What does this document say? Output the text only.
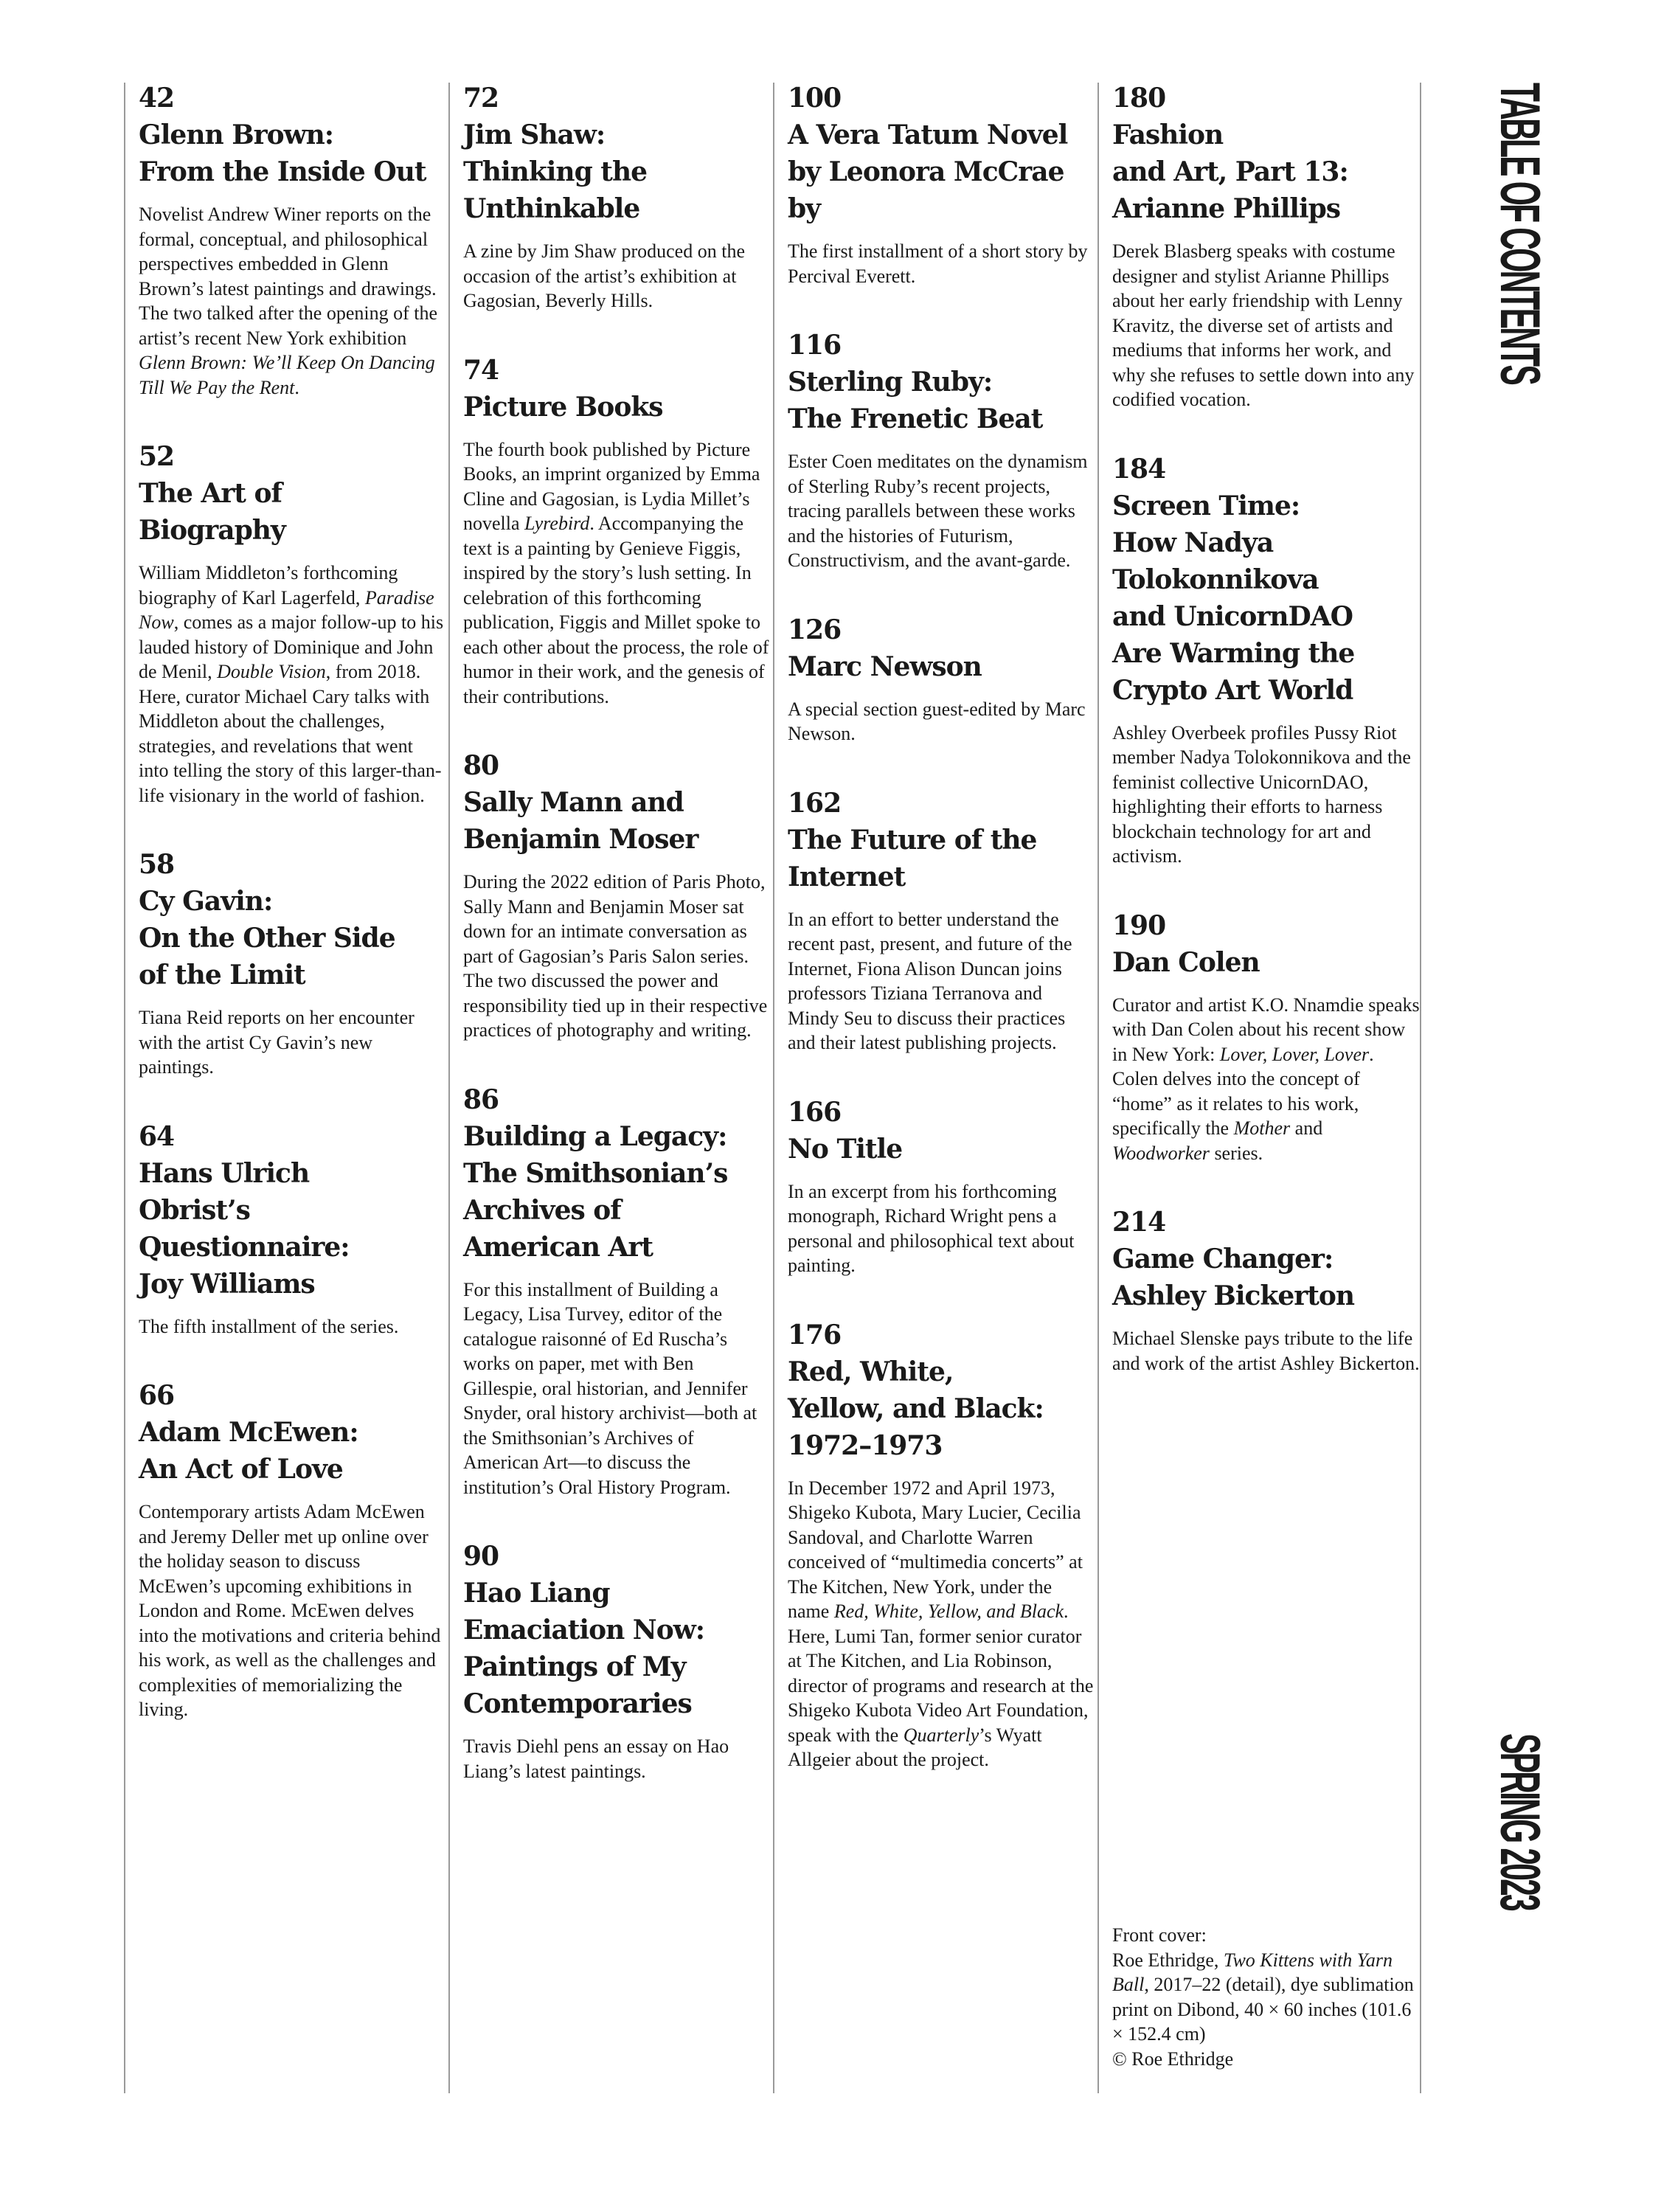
42
Glenn Brown:
From the Inside Out

Novelist Andrew Winer reports on the formal, conceptual, and philosophical perspectives embedded in Glenn Brown’s latest paintings and drawings. The two talked after the opening of the artist’s recent New York exhibition Glenn Brown: We’ll Keep On Dancing Till We Pay the Rent.

52
The Art of
Biography

William Middleton’s forthcoming biography of Karl Lagerfeld, Paradise Now, comes as a major follow-up to his lauded history of Dominique and John de Menil, Double Vision, from 2018. Here, curator Michael Cary talks with Middleton about the challenges, strategies, and revelations that went into telling the story of this larger-than-life visionary in the world of fashion.

58
Cy Gavin:
On the Other Side
of the Limit

Tiana Reid reports on her encounter with the artist Cy Gavin’s new paintings.

64
Hans Ulrich
Obrist’s
Questionnaire:
Joy Williams

The fifth installment of the series.

66
Adam McEwen:
An Act of Love

Contemporary artists Adam McEwen and Jeremy Deller met up online over the holiday season to discuss McEwen’s upcoming exhibitions in London and Rome. McEwen delves into the motivations and criteria behind his work, as well as the challenges and complexities of memorializing the living.

72
Jim Shaw:
Thinking the
Unthinkable

A zine by Jim Shaw produced on the occasion of the artist’s exhibition at Gagosian, Beverly Hills.

74
Picture Books

The fourth book published by Picture Books, an imprint organized by Emma Cline and Gagosian, is Lydia Millet’s novella Lyrebird. Accompanying the text is a painting by Genieve Figgis, inspired by the story’s lush setting. In celebration of this forthcoming publication, Figgis and Millet spoke to each other about the process, the role of humor in their work, and the genesis of their contributions.

80
Sally Mann and
Benjamin Moser

During the 2022 edition of Paris Photo, Sally Mann and Benjamin Moser sat down for an intimate conversation as part of Gagosian’s Paris Salon series. The two discussed the power and responsibility tied up in their respective practices of photography and writing.

86
Building a Legacy:
The Smithsonian’s
Archives of
American Art

For this installment of Building a Legacy, Lisa Turvey, editor of the catalogue raisonné of Ed Ruscha’s works on paper, met with Ben Gillespie, oral historian, and Jennifer Snyder, oral history archivist—both at the Smithsonian’s Archives of American Art—to discuss the institution’s Oral History Program.

90
Hao Liang
Emaciation Now:
Paintings of My
Contemporaries

Travis Diehl pens an essay on Hao Liang’s latest paintings.

100
A Vera Tatum Novel
by Leonora McCrae
by

The first installment of a short story by Percival Everett.

116
Sterling Ruby:
The Frenetic Beat

Ester Coen meditates on the dynamism of Sterling Ruby’s recent projects, tracing parallels between these works and the histories of Futurism, Constructivism, and the avant-garde.

126
Marc Newson

A special section guest-edited by Marc Newson.

162
The Future of the
Internet

In an effort to better understand the recent past, present, and future of the Internet, Fiona Alison Duncan joins professors Tiziana Terranova and Mindy Seu to discuss their practices and their latest publishing projects.

166
No Title

In an excerpt from his forthcoming monograph, Richard Wright pens a personal and philosophical text about painting.

176
Red, White,
Yellow, and Black:
1972–1973

In December 1972 and April 1973, Shigeko Kubota, Mary Lucier, Cecilia Sandoval, and Charlotte Warren conceived of “multimedia concerts” at The Kitchen, New York, under the name Red, White, Yellow, and Black. Here, Lumi Tan, former senior curator at The Kitchen, and Lia Robinson, director of programs and research at the Shigeko Kubota Video Art Foundation, speak with the Quarterly’s Wyatt Allgeier about the project.

180
Fashion
and Art, Part 13:
Arianne Phillips

Derek Blasberg speaks with costume designer and stylist Arianne Phillips about her early friendship with Lenny Kravitz, the diverse set of artists and mediums that informs her work, and why she refuses to settle down into any codified vocation.

184
Screen Time:
How Nadya
Tolokonnikova
and UnicornDAO
Are Warming the
Crypto Art World

Ashley Overbeek profiles Pussy Riot member Nadya Tolokonnikova and the feminist collective UnicornDAO, highlighting their efforts to harness blockchain technology for art and activism.

190
Dan Colen

Curator and artist K.O. Nnamdie speaks with Dan Colen about his recent show in New York: Lover, Lover, Lover. Colen delves into the concept of “home” as it relates to his work, specifically the Mother and Woodworker series.

214
Game Changer:
Ashley Bickerton

Michael Slenske pays tribute to the life and work of the artist Ashley Bickerton.

Front cover:
Roe Ethridge, Two Kittens with Yarn Ball, 2017–22 (detail), dye sublimation print on Dibond, 40 × 60 inches (101.6 × 152.4 cm)
© Roe Ethridge
TABLE OF CONTENTS
SPRING 2023
